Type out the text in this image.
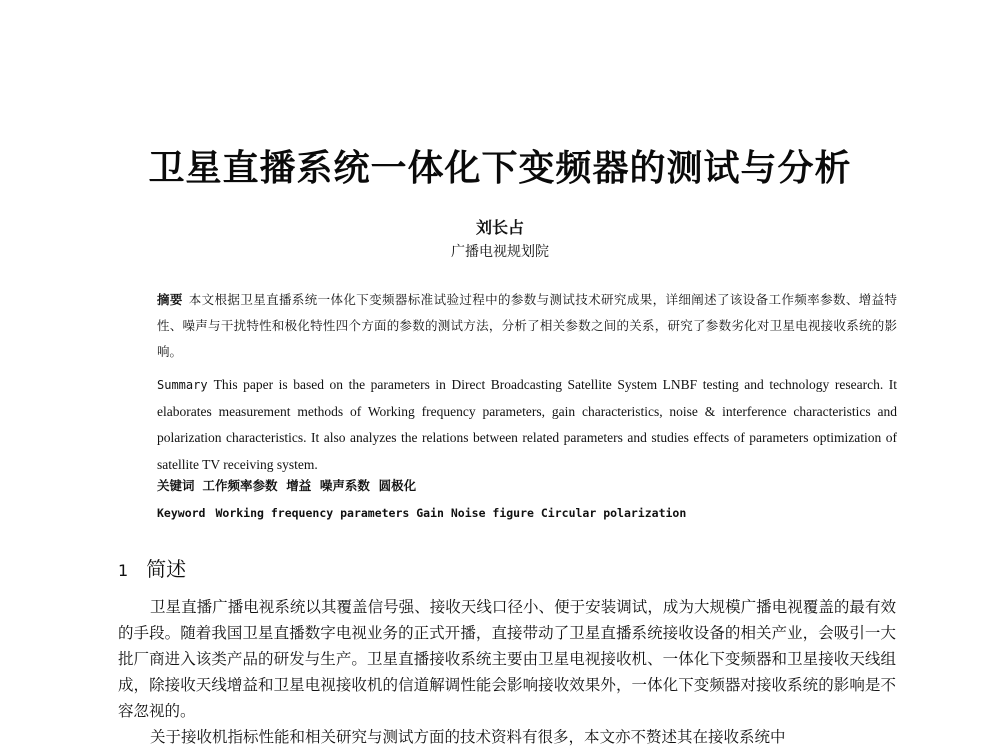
卫星直播系统一体化下变频器的测试与分析
刘长占
广播电视规划院
摘要 本文根据卫星直播系统一体化下变频器标准试验过程中的参数与测试技术研究成果，详细阐述了该设备工作频率参数、增益特性、噪声与干扰特性和极化特性四个方面的参数的测试方法，分析了相关参数之间的关系，研究了参数劣化对卫星电视接收系统的影响。
Summary This paper is based on the parameters in Direct Broadcasting Satellite System LNBF testing and technology research. It elaborates measurement methods of Working frequency parameters, gain characteristics, noise & interference characteristics and polarization characteristics. It also analyzes the relations between related parameters and studies effects of parameters optimization of satellite TV receiving system.
关键词 工作频率参数  增益  噪声系数  圆极化
Keyword Working frequency parameters Gain Noise figure Circular polarization
1 简述

卫星直播广播电视系统以其覆盖信号强、接收天线口径小、便于安装调试，成为大规模广播电视覆盖的最有效的手段。随着我国卫星直播数字电视业务的正式开播，直接带动了卫星直播系统接收设备的相关产业，会吸引一大批厂商进入该类产品的研发与生产。卫星直播接收系统主要由卫星电视接收机、一体化下变频器和卫星接收天线组成，除接收天线增益和卫星电视接收机的信道解调性能会影响接收效果外，一体化下变频器对接收系统的影响是不容忽视的。

关于接收机指标性能和相关研究与测试方面的技术资料有很多，本文亦不赘述其在接收系统中
